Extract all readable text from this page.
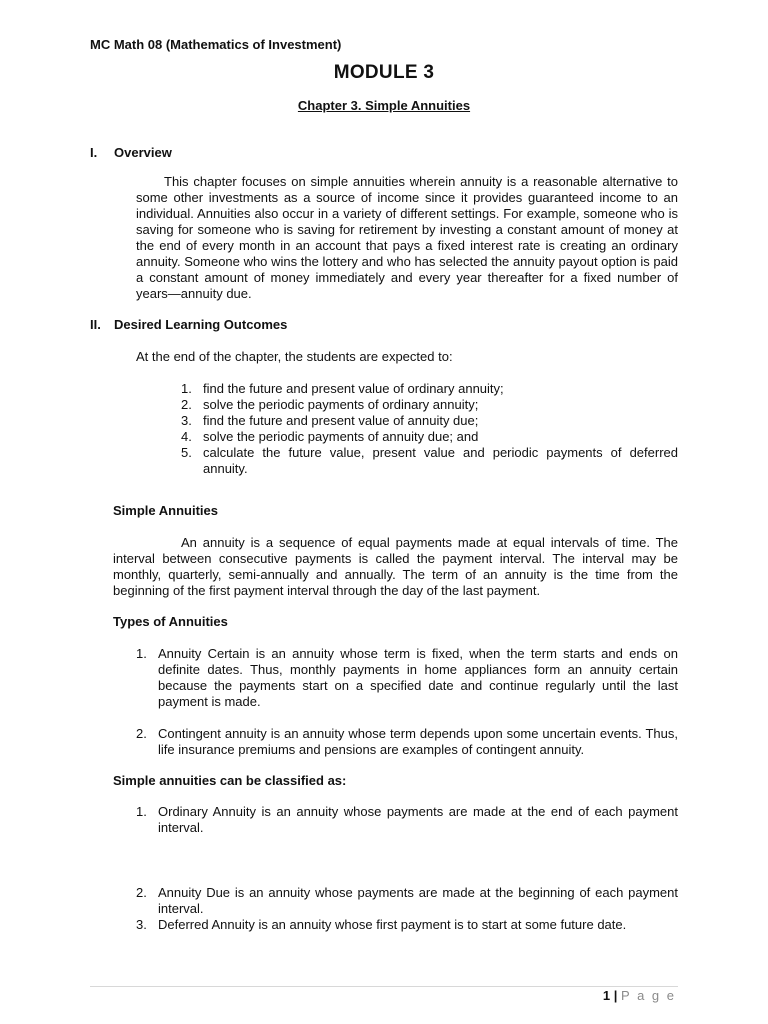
MC Math 08 (Mathematics of Investment)
MODULE 3
Chapter 3. Simple Annuities
I. Overview
This chapter focuses on simple annuities wherein annuity is a reasonable alternative to some other investments as a source of income since it provides guaranteed income to an individual. Annuities also occur in a variety of different settings. For example, someone who is saving for someone who is saving for retirement by investing a constant amount of money at the end of every month in an account that pays a fixed interest rate is creating an ordinary annuity. Someone who wins the lottery and who has selected the annuity payout option is paid a constant amount of money immediately and every year thereafter for a fixed number of years—annuity due.
II. Desired Learning Outcomes
At the end of the chapter, the students are expected to:
1. find the future and present value of ordinary annuity;
2. solve the periodic payments of ordinary annuity;
3. find the future and present value of annuity due;
4. solve the periodic payments of annuity due; and
5. calculate the future value, present value and periodic payments of deferred annuity.
Simple Annuities
An annuity is a sequence of equal payments made at equal intervals of time. The interval between consecutive payments is called the payment interval. The interval may be monthly, quarterly, semi-annually and annually. The term of an annuity is the time from the beginning of the first payment interval through the day of the last payment.
Types of Annuities
1. Annuity Certain is an annuity whose term is fixed, when the term starts and ends on definite dates. Thus, monthly payments in home appliances form an annuity certain because the payments start on a specified date and continue regularly until the last payment is made.
2. Contingent annuity is an annuity whose term depends upon some uncertain events. Thus, life insurance premiums and pensions are examples of contingent annuity.
Simple annuities can be classified as:
1. Ordinary Annuity is an annuity whose payments are made at the end of each payment interval.
2. Annuity Due is an annuity whose payments are made at the beginning of each payment interval.
3. Deferred Annuity is an annuity whose first payment is to start at some future date.
1 | P a g e
